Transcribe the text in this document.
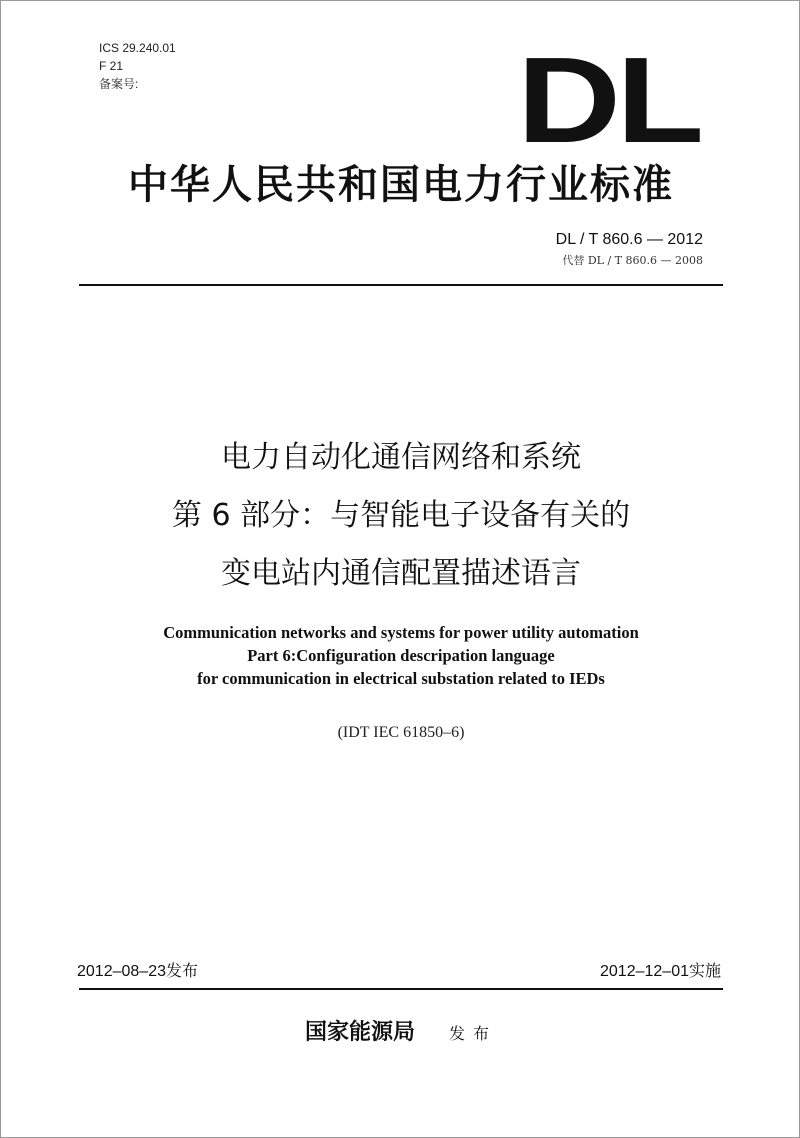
ICS 29.240.01
F 21
备案号:	DL
中华人民共和国电力行业标准
DL / T 860.6 — 2012
代替 DL / T 860.6 — 2008
电力自动化通信网络和系统
第 6 部分：与智能电子设备有关的
变电站内通信配置描述语言
Communication networks and systems for power utility automation
Part 6:Configuration descripation language
for communication in electrical substation related to IEDs
(IDT IEC 61850–6)
2012–08–23发布	2012–12–01实施
国家能源局 发布
